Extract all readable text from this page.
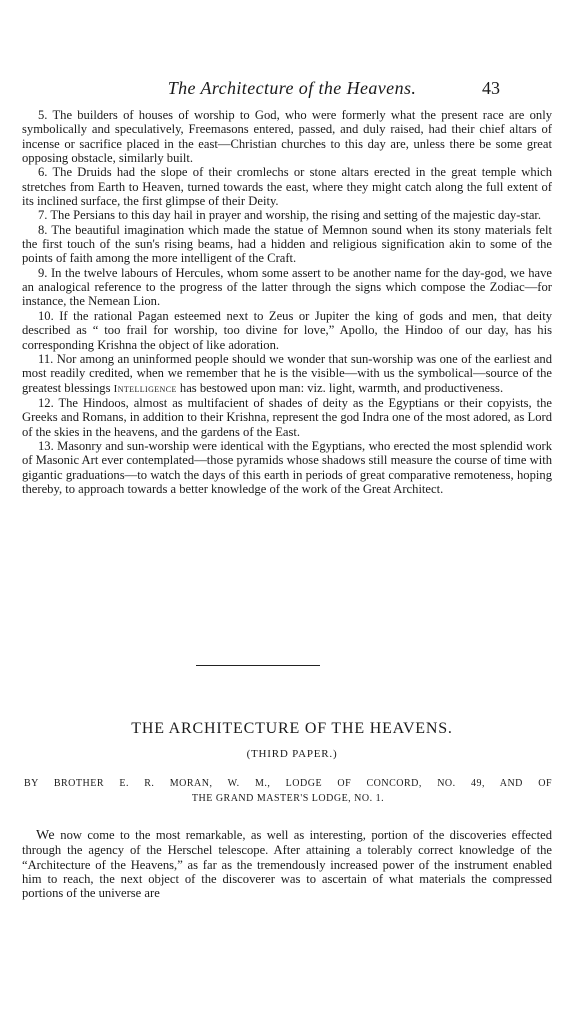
The Architecture of the Heavens.	43

5. The builders of houses of worship to God, who were formerly what the present race are only symbolically and speculatively, Freemasons entered, passed, and duly raised, had their chief altars of incense or sacrifice placed in the east—Christian churches to this day are, unless there be some great opposing obstacle, similarly built.

6. The Druids had the slope of their cromlechs or stone altars erected in the great temple which stretches from Earth to Heaven, turned towards the east, where they might catch along the full extent of its inclined surface, the first glimpse of their Deity.

7. The Persians to this day hail in prayer and worship, the rising and setting of the majestic day-star.

8. The beautiful imagination which made the statue of Memnon sound when its stony materials felt the first touch of the sun's rising beams, had a hidden and religious signification akin to some of the points of faith among the more intelligent of the Craft.

9. In the twelve labours of Hercules, whom some assert to be another name for the day-god, we have an analogical reference to the progress of the latter through the signs which compose the Zodiac—for instance, the Nemean Lion.

10. If the rational Pagan esteemed next to Zeus or Jupiter the king of gods and men, that deity described as “ too frail for worship, too divine for love,” Apollo, the Hindoo of our day, has his corresponding Krishna the object of like adoration.

11. Nor among an uninformed people should we wonder that sun-worship was one of the earliest and most readily credited, when we remember that he is the visible—with us the symbolical—source of the greatest blessings Intelligence has bestowed upon man: viz. light, warmth, and productiveness.

12. The Hindoos, almost as multifacient of shades of deity as the Egyptians or their copyists, the Greeks and Romans, in addition to their Krishna, represent the god Indra one of the most adored, as Lord of the skies in the heavens, and the gardens of the East.

13. Masonry and sun-worship were identical with the Egyptians, who erected the most splendid work of Masonic Art ever contemplated—those pyramids whose shadows still measure the course of time with gigantic graduations—to watch the days of this earth in periods of great comparative remoteness, hoping thereby, to approach towards a better knowledge of the work of the Great Architect.

THE ARCHITECTURE OF THE HEAVENS.
(THIRD PAPER.)
BY BROTHER E. R. MORAN, W. M., LODGE OF CONCORD, NO. 49, AND OF
THE GRAND MASTER'S LODGE, NO. 1.

We now come to the most remarkable, as well as interesting, portion of the discoveries effected through the agency of the Herschel telescope. After attaining a tolerably correct knowledge of the “Architecture of the Heavens,” as far as the tremendously increased power of the instrument enabled him to reach, the next object of the discoverer was to ascertain of what materials the compressed portions of the universe are
